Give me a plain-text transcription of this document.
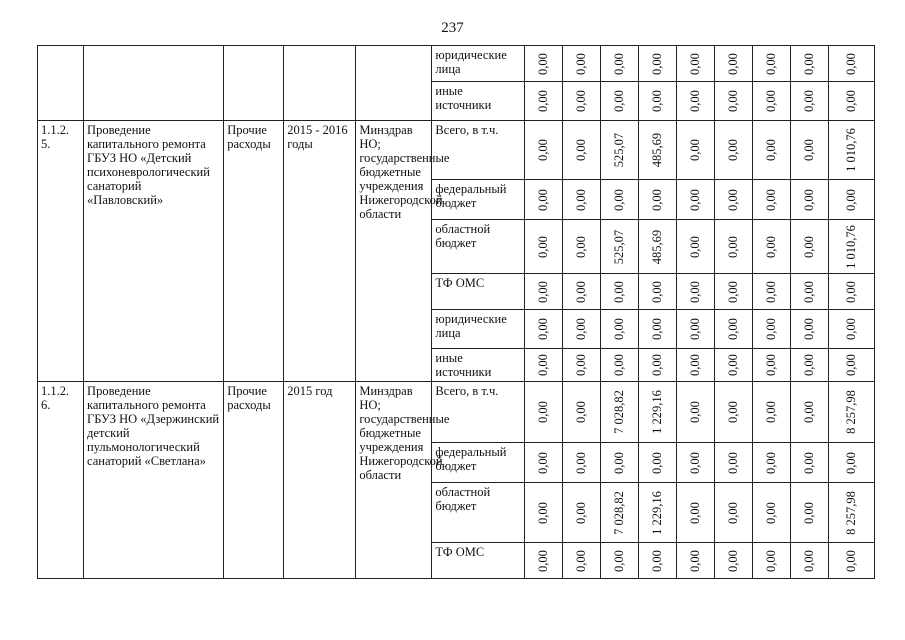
237
					юридические лица	0,00	0,00	0,00	0,00	0,00	0,00	0,00	0,00	0,00

					иные источники	0,00	0,00	0,00	0,00	0,00	0,00	0,00	0,00	0,00

1.1.2. 5.	Проведение капитального ремонта ГБУЗ НО «Детский психоневрологический санаторий «Павловский»	Прочие расходы	2015 - 2016 годы	Минздрав НО; государственные бюджетные учреждения Нижегородской области	Всего, в т.ч.	0,00	0,00	525,07	485,69	0,00	0,00	0,00	0,00	1 010,76

					федеральный бюджет	0,00	0,00	0,00	0,00	0,00	0,00	0,00	0,00	0,00

					областной бюджет	0,00	0,00	525,07	485,69	0,00	0,00	0,00	0,00	1 010,76

					ТФ ОМС	0,00	0,00	0,00	0,00	0,00	0,00	0,00	0,00	0,00

					юридические лица	0,00	0,00	0,00	0,00	0,00	0,00	0,00	0,00	0,00

					иные источники	0,00	0,00	0,00	0,00	0,00	0,00	0,00	0,00	0,00

1.1.2. 6.	Проведение капитального ремонта ГБУЗ НО «Дзержинский детский пульмонологический санаторий «Светлана»	Прочие расходы	2015 год	Минздрав НО; государственные бюджетные учреждения Нижегородской области	Всего, в т.ч.	0,00	0,00	7 028,82	1 229,16	0,00	0,00	0,00	0,00	8 257,98

					федеральный бюджет	0,00	0,00	0,00	0,00	0,00	0,00	0,00	0,00	0,00

					областной бюджет	0,00	0,00	7 028,82	1 229,16	0,00	0,00	0,00	0,00	8 257,98

					ТФ ОМС	0,00	0,00	0,00	0,00	0,00	0,00	0,00	0,00	0,00
